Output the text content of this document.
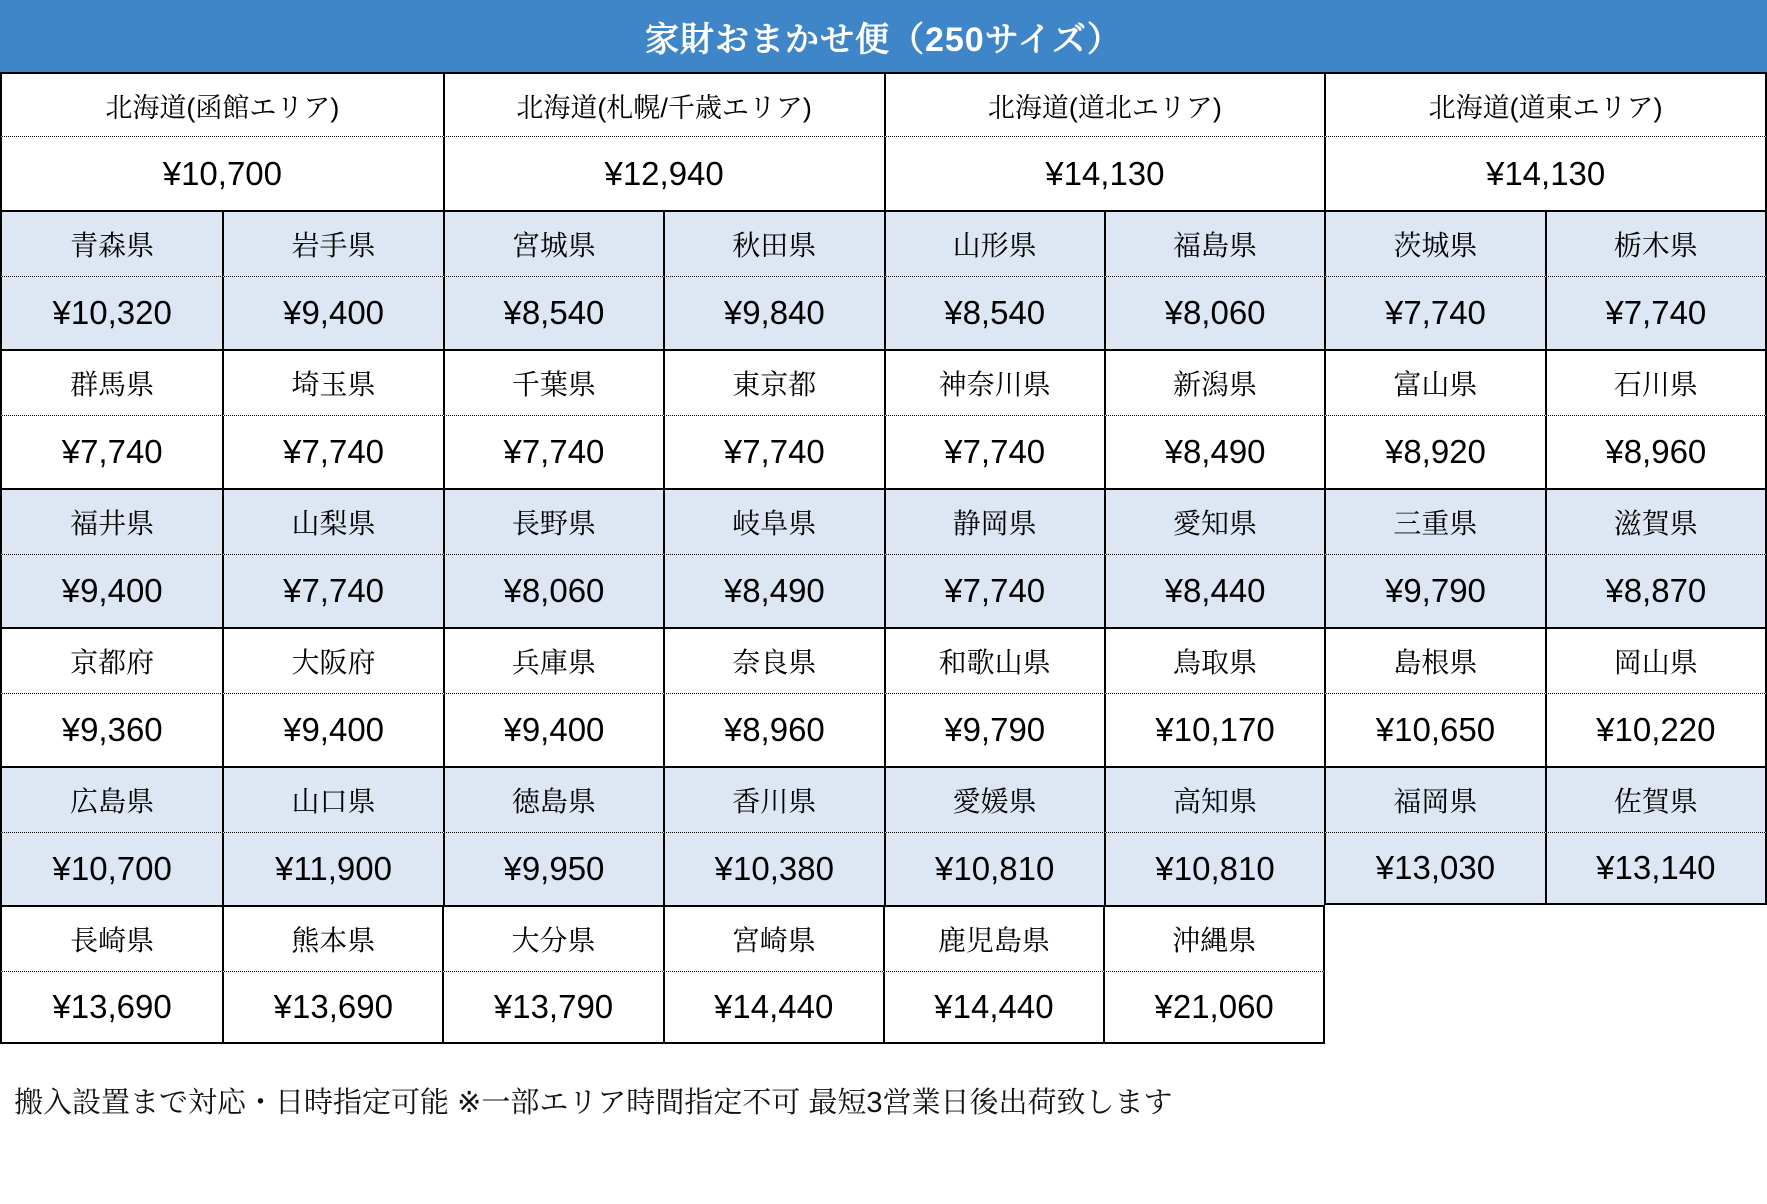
家財おまかせ便（250サイズ）
北海道(函館エリア)	北海道(札幌/千歳エリア)	北海道(道北エリア)	北海道(道東エリア)
¥10,700	¥12,940	¥14,130	¥14,130
青森県	岩手県	宮城県	秋田県	山形県	福島県	茨城県	栃木県
¥10,320	¥9,400	¥8,540	¥9,840	¥8,540	¥8,060	¥7,740	¥7,740
群馬県	埼玉県	千葉県	東京都	神奈川県	新潟県	富山県	石川県
¥7,740	¥7,740	¥7,740	¥7,740	¥7,740	¥8,490	¥8,920	¥8,960
福井県	山梨県	長野県	岐阜県	静岡県	愛知県	三重県	滋賀県
¥9,400	¥7,740	¥8,060	¥8,490	¥7,740	¥8,440	¥9,790	¥8,870
京都府	大阪府	兵庫県	奈良県	和歌山県	鳥取県	島根県	岡山県
¥9,360	¥9,400	¥9,400	¥8,960	¥9,790	¥10,170	¥10,650	¥10,220
広島県	山口県	徳島県	香川県	愛媛県	高知県	福岡県	佐賀県
¥10,700	¥11,900	¥9,950	¥10,380	¥10,810	¥10,810	¥13,030	¥13,140
長崎県	熊本県	大分県	宮崎県	鹿児島県	沖縄県
¥13,690	¥13,690	¥13,790	¥14,440	¥14,440	¥21,060
搬入設置まで対応・日時指定可能 ※一部エリア時間指定不可 最短3営業日後出荷致します
